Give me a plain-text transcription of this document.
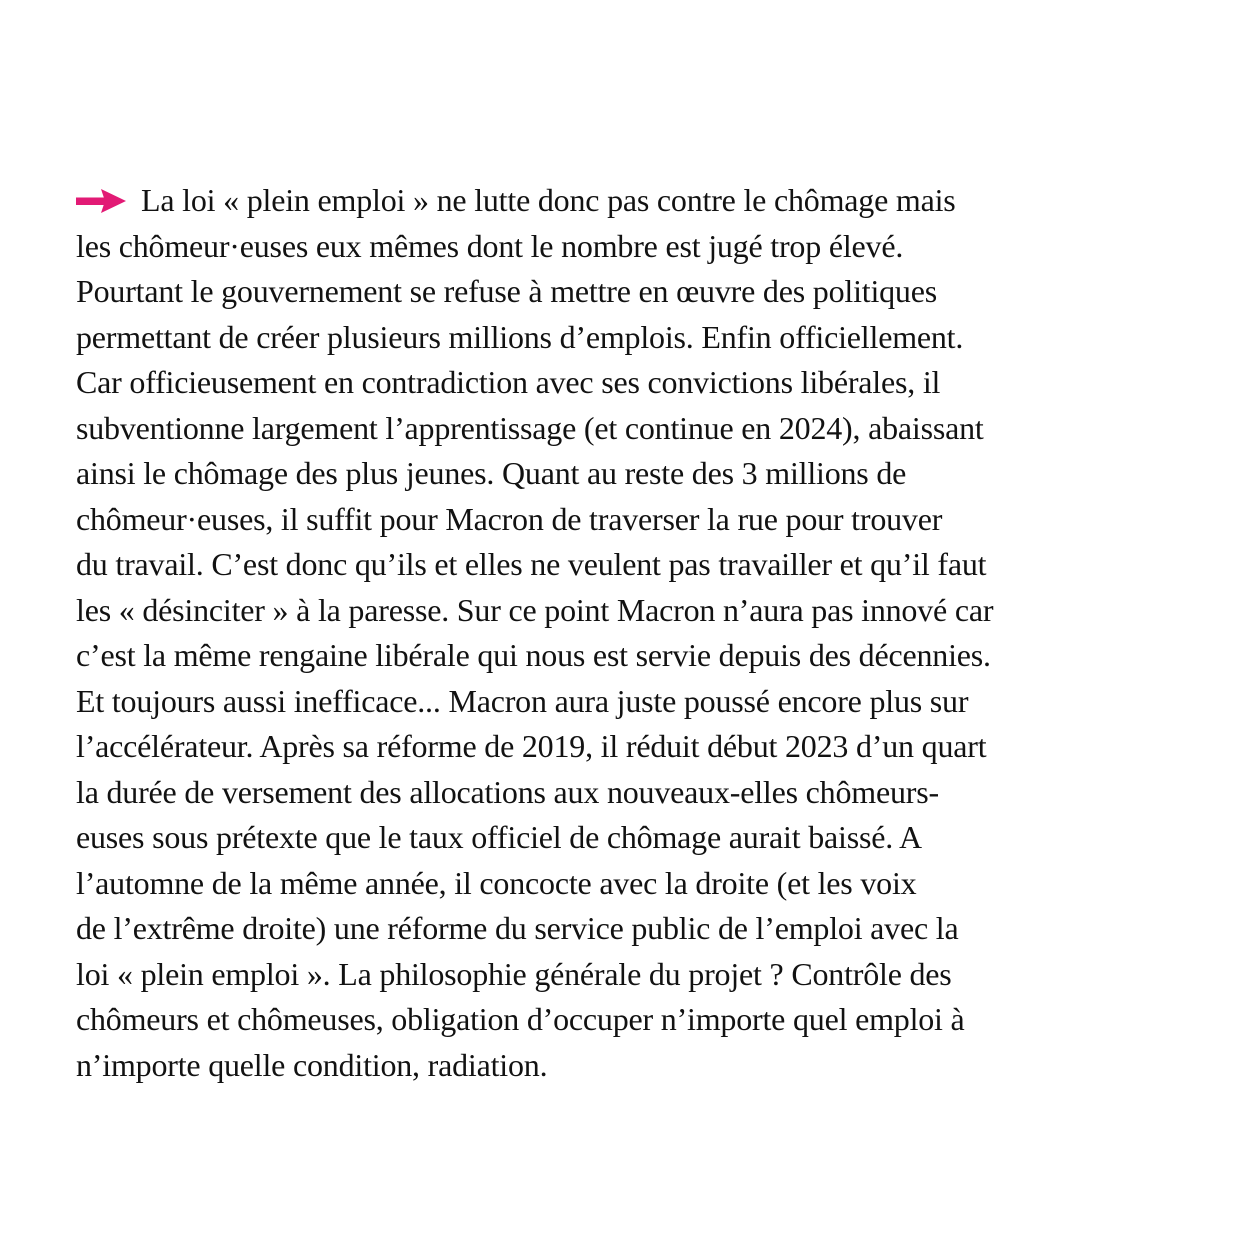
La loi « plein emploi » ne lutte donc pas contre le chômage mais
les chômeur·euses eux mêmes dont le nombre est jugé trop élevé.
Pourtant le gouvernement se refuse à mettre en œuvre des politiques
permettant de créer plusieurs millions d’emplois. Enfin officiellement.
Car officieusement en contradiction avec ses convictions libérales, il
subventionne largement l’apprentissage (et continue en 2024), abaissant
ainsi le chômage des plus jeunes. Quant au reste des 3 millions de
chômeur·euses, il suffit pour Macron de traverser la rue pour trouver
du travail. C’est donc qu’ils et elles ne veulent pas travailler et qu’il faut
les « désinciter » à la paresse. Sur ce point Macron n’aura pas innové car
c’est la même rengaine libérale qui nous est servie depuis des décennies.
Et toujours aussi inefficace... Macron aura juste poussé encore plus sur
l’accélérateur. Après sa réforme de 2019, il réduit début 2023 d’un quart
la durée de versement des allocations aux nouveaux-elles chômeurs-
euses sous prétexte que le taux officiel de chômage aurait baissé. A
l’automne de la même année, il concocte avec la droite (et les voix
de l’extrême droite) une réforme du service public de l’emploi avec la
loi « plein emploi ». La philosophie générale du projet ? Contrôle des
chômeurs et chômeuses, obligation d’occuper n’importe quel emploi à
n’importe quelle condition, radiation.
